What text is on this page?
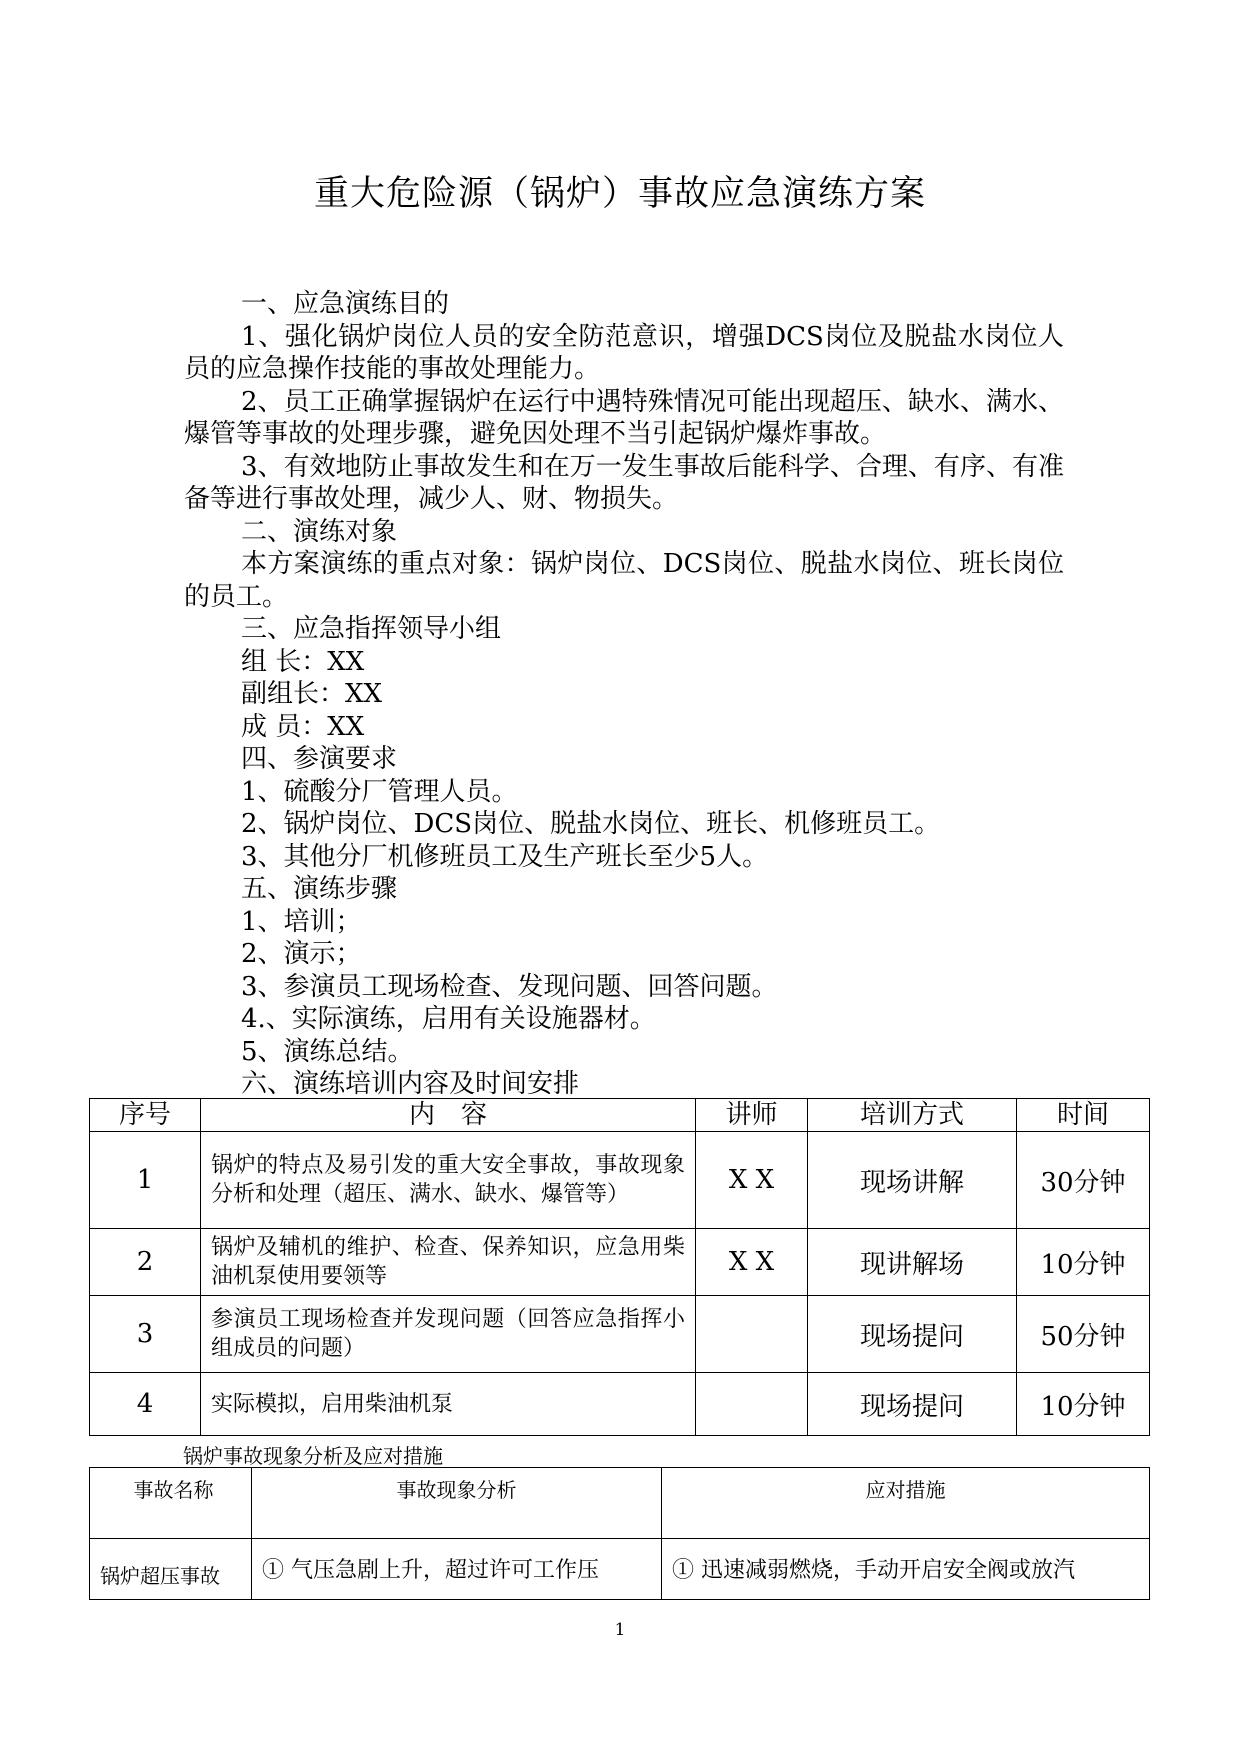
重大危险源（锅炉）事故应急演练方案

一、应急演练目的

1、强化锅炉岗位人员的安全防范意识，增强DCS岗位及脱盐水岗位人员的应急操作技能的事故处理能力。

2、员工正确掌握锅炉在运行中遇特殊情况可能出现超压、缺水、满水、爆管等事故的处理步骤，避免因处理不当引起锅炉爆炸事故。

3、有效地防止事故发生和在万一发生事故后能科学、合理、有序、有准备等进行事故处理，减少人、财、物损失。

二、演练对象

本方案演练的重点对象：锅炉岗位、DCS岗位、脱盐水岗位、班长岗位的员工。

三、应急指挥领导小组

组 长：XX

副组长：XX

成 员：XX

四、参演要求

1、硫酸分厂管理人员。

2、锅炉岗位、DCS岗位、脱盐水岗位、班长、机修班员工。

3、其他分厂机修班员工及生产班长至少5人。

五、演练步骤

1、培训；

2、演示；

3、参演员工现场检查、发现问题、回答问题。

4.、实际演练，启用有关设施器材。

5、演练总结。

六、演练培训内容及时间安排

序号	内　容	讲师	培训方式	时间
1	锅炉的特点及易引发的重大安全事故，事故现象分析和处理（超压、满水、缺水、爆管等）	X X	现场讲解	30分钟
2	锅炉及辅机的维护、检查、保养知识，应急用柴油机泵使用要领等	X X	现讲解场	10分钟
3	参演员工现场检查并发现问题（回答应急指挥小组成员的问题）		现场提问	50分钟
4	实际模拟，启用柴油机泵		现场提问	10分钟
锅炉事故现象分析及应对措施
事故名称	事故现象分析	应对措施
锅炉超压事故	① 气压急剧上升，超过许可工作压	① 迅速减弱燃烧，手动开启安全阀或放汽
1
